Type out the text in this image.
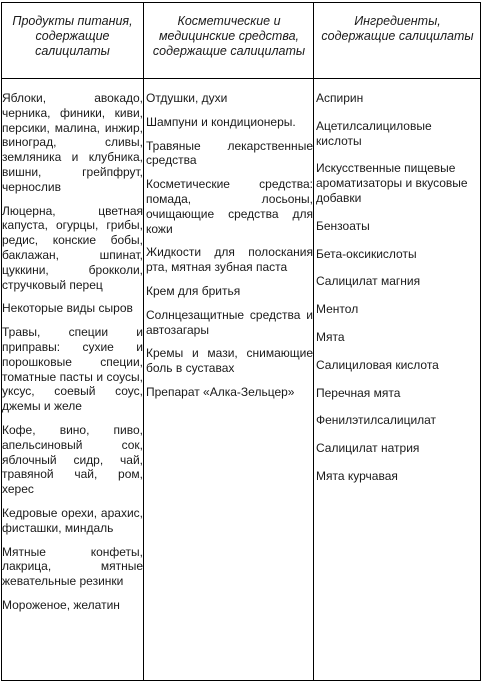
Продукты питания, содержащие салицилаты
Косметические и медицинские средства, содержащие салицилаты
Ингредиенты, содержащие салицилаты
Яблоки, авокадо, черника, финики, киви, персики, малина, инжир, виноград, сливы, земляника и клубника, вишни, грейпфрут, чернослив
Люцерна, цветная капуста, огурцы, грибы, редис, конские бобы, баклажан, шпинат, цуккини, брокколи, стручковый перец
Некоторые виды сыров
Травы, специи и приправы: сухие и порошковые специи, томатные пасты и соусы, уксус, соевый соус, джемы и желе
Кофе, вино, пиво, апельсиновый сок, яблочный сидр, чай, травяной чай, ром, херес
Кедровые орехи, арахис, фисташки, миндаль
Мятные конфеты, лакрица, мятные жевательные резинки
Мороженое, желатин
Отдушки, духи
Шампуни и кондиционеры.
Травяные лекарственные средства
Косметические средства: помада, лосьоны, очищающие средства для кожи
Жидкости для полоскания рта, мятная зубная паста
Крем для бритья
Солнцезащитные средства и автозагары
Кремы и мази, снимающие боль в суставах
Препарат «Алка-Зельцер»
Аспирин
Ацетилсалициловые кислоты
Искусственные пищевые ароматизаторы и вкусовые добавки
Бензоаты
Бета-оксикислоты
Салицилат магния
Ментол
Мята
Салициловая кислота
Перечная мята
Фенилэтилсалицилат
Салицилат натрия
Мята курчавая
